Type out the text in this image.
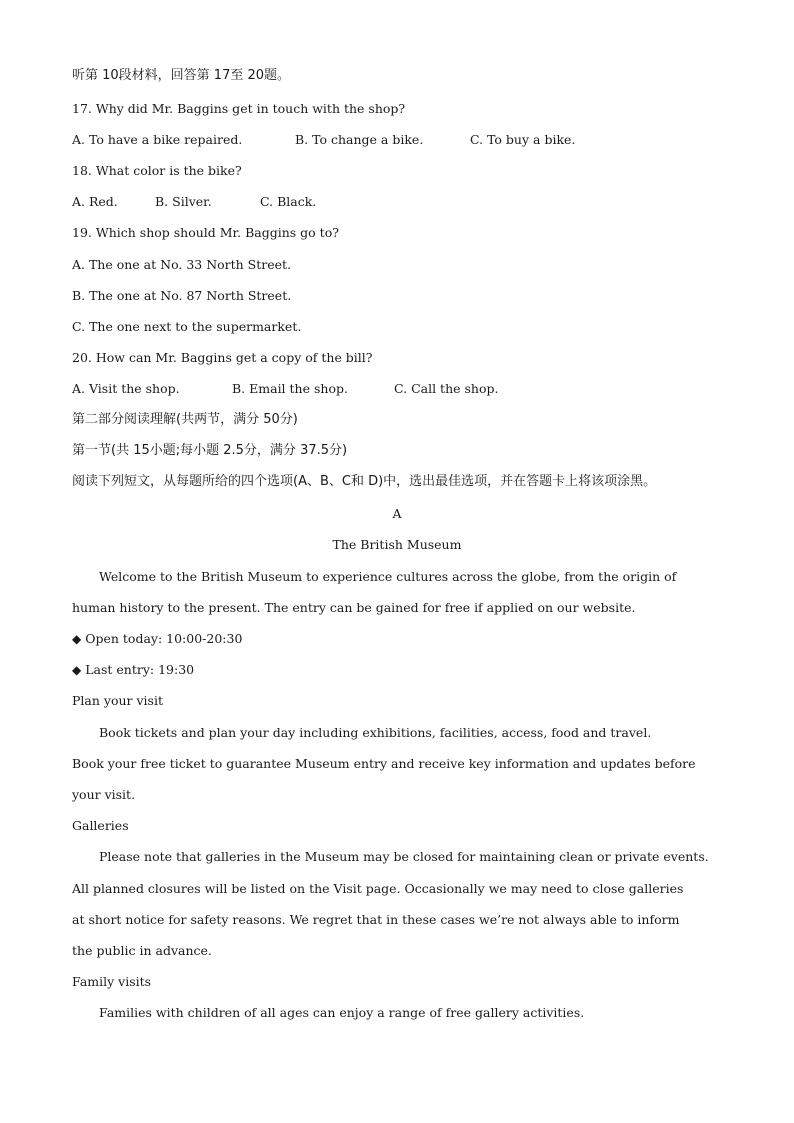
听第 10段材料，回答第 17至 20题。
17. Why did Mr. Baggins get in touch with the shop?
A. To have a bike repaired.	B. To change a bike.	C. To buy a bike.
18. What color is the bike?
A. Red.	B. Silver.	C. Black.
19. Which shop should Mr. Baggins go to?
A. The one at No. 33 North Street.
B. The one at No. 87 North Street.
C. The one next to the supermarket.
20. How can Mr. Baggins get a copy of the bill?
A. Visit the shop.	B. Email the shop.	C. Call the shop.
第二部分阅读理解(共两节，满分 50分)
第一节(共 15小题;每小题 2.5分，满分 37.5分)
阅读下列短文，从每题所给的四个选项(A、B、C和 D)中，选出最佳选项，并在答题卡上将该项涂黑。
A
The British Museum
Welcome to the British Museum to experience cultures across the globe, from the origin of
human history to the present. The entry can be gained for free if applied on our website.
◆ Open today: 10:00-20:30
◆ Last entry: 19:30
Plan your visit
Book tickets and plan your day including exhibitions, facilities, access, food and travel.
Book your free ticket to guarantee Museum entry and receive key information and updates before
your visit.
Galleries
Please note that galleries in the Museum may be closed for maintaining clean or private events.
All planned closures will be listed on the Visit page. Occasionally we may need to close galleries
at short notice for safety reasons. We regret that in these cases we’re not always able to inform
the public in advance.
Family visits
Families with children of all ages can enjoy a range of free gallery activities.
